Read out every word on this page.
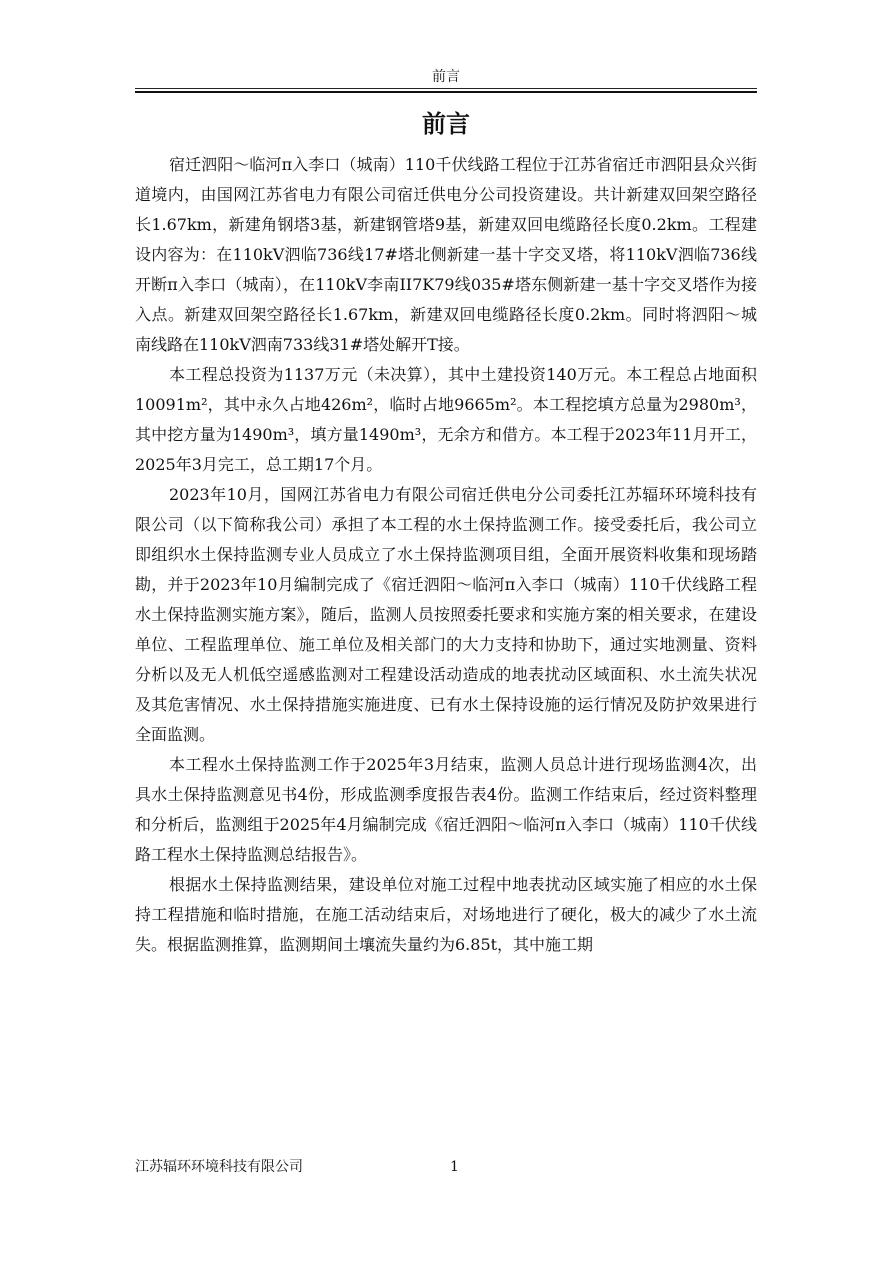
前言
前言

宿迁泗阳～临河π入李口（城南）110千伏线路工程位于江苏省宿迁市泗阳县众兴街道境内，由国网江苏省电力有限公司宿迁供电分公司投资建设。共计新建双回架空路径长1.67km，新建角钢塔3基，新建钢管塔9基，新建双回电缆路径长度0.2km。工程建设内容为：在110kV泗临736线17#塔北侧新建一基十字交叉塔，将110kV泗临736线开断π入李口（城南），在110kV李南II7K79线035#塔东侧新建一基十字交叉塔作为接入点。新建双回架空路径长1.67km，新建双回电缆路径长度0.2km。同时将泗阳～城南线路在110kV泗南733线31#塔处解开T接。

本工程总投资为1137万元（未决算），其中土建投资140万元。本工程总占地面积10091m²，其中永久占地426m²，临时占地9665m²。本工程挖填方总量为2980m³，其中挖方量为1490m³，填方量1490m³，无余方和借方。本工程于2023年11月开工，2025年3月完工，总工期17个月。

2023年10月，国网江苏省电力有限公司宿迁供电分公司委托江苏辐环环境科技有限公司（以下简称我公司）承担了本工程的水土保持监测工作。接受委托后，我公司立即组织水土保持监测专业人员成立了水土保持监测项目组，全面开展资料收集和现场踏勘，并于2023年10月编制完成了《宿迁泗阳～临河π入李口（城南）110千伏线路工程水土保持监测实施方案》，随后，监测人员按照委托要求和实施方案的相关要求，在建设单位、工程监理单位、施工单位及相关部门的大力支持和协助下，通过实地测量、资料分析以及无人机低空遥感监测对工程建设活动造成的地表扰动区域面积、水土流失状况及其危害情况、水土保持措施实施进度、已有水土保持设施的运行情况及防护效果进行全面监测。

本工程水土保持监测工作于2025年3月结束，监测人员总计进行现场监测4次，出具水土保持监测意见书4份，形成监测季度报告表4份。监测工作结束后，经过资料整理和分析后，监测组于2025年4月编制完成《宿迁泗阳～临河π入李口（城南）110千伏线路工程水土保持监测总结报告》。

根据水土保持监测结果，建设单位对施工过程中地表扰动区域实施了相应的水土保持工程措施和临时措施，在施工活动结束后，对场地进行了硬化，极大的减少了水土流失。根据监测推算，监测期间土壤流失量约为6.85t，其中施工期

江苏辐环环境科技有限公司	1
